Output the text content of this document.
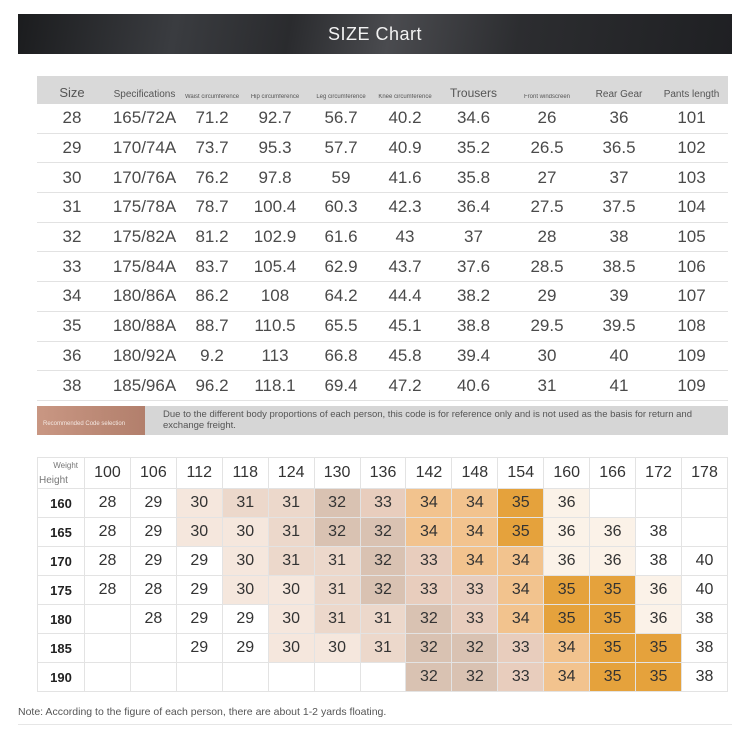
SIZE Chart
Size	Specifications	Waist circumference	Hip circumference	Leg circumference	Knee circumference	Trousers	Front windscreen	Rear Gear	Pants length
28	165/72A	71.2	92.7	56.7	40.2	34.6	26	36	101
29	170/74A	73.7	95.3	57.7	40.9	35.2	26.5	36.5	102
30	170/76A	76.2	97.8	59	41.6	35.8	27	37	103
31	175/78A	78.7	100.4	60.3	42.3	36.4	27.5	37.5	104
32	175/82A	81.2	102.9	61.6	43	37	28	38	105
33	175/84A	83.7	105.4	62.9	43.7	37.6	28.5	38.5	106
34	180/86A	86.2	108	64.2	44.4	38.2	29	39	107
35	180/88A	88.7	110.5	65.5	45.1	38.8	29.5	39.5	108
36	180/92A	9.2	113	66.8	45.8	39.4	30	40	109
38	185/96A	96.2	118.1	69.4	47.2	40.6	31	41	109
Recommended Code selection
Due to the different body proportions of each person, this code is for reference only and is not used as the basis for return and exchange freight.
Weight
Height	100	106	112	118	124	130	136	142	148	154	160	166	172	178
160	28	29	30	31	31	32	33	34	34	35	36			
165	28	29	30	30	31	32	32	34	34	35	36	36	38	
170	28	29	29	30	31	31	32	33	34	34	36	36	38	40
175	28	28	29	30	30	31	32	33	33	34	35	35	36	40
180		28	29	29	30	31	31	32	33	34	35	35	36	38
185			29	29	30	30	31	32	32	33	34	35	35	38
190								32	32	33	34	35	35	38
Note: According to the figure of each person, there are about 1-2 yards floating.
